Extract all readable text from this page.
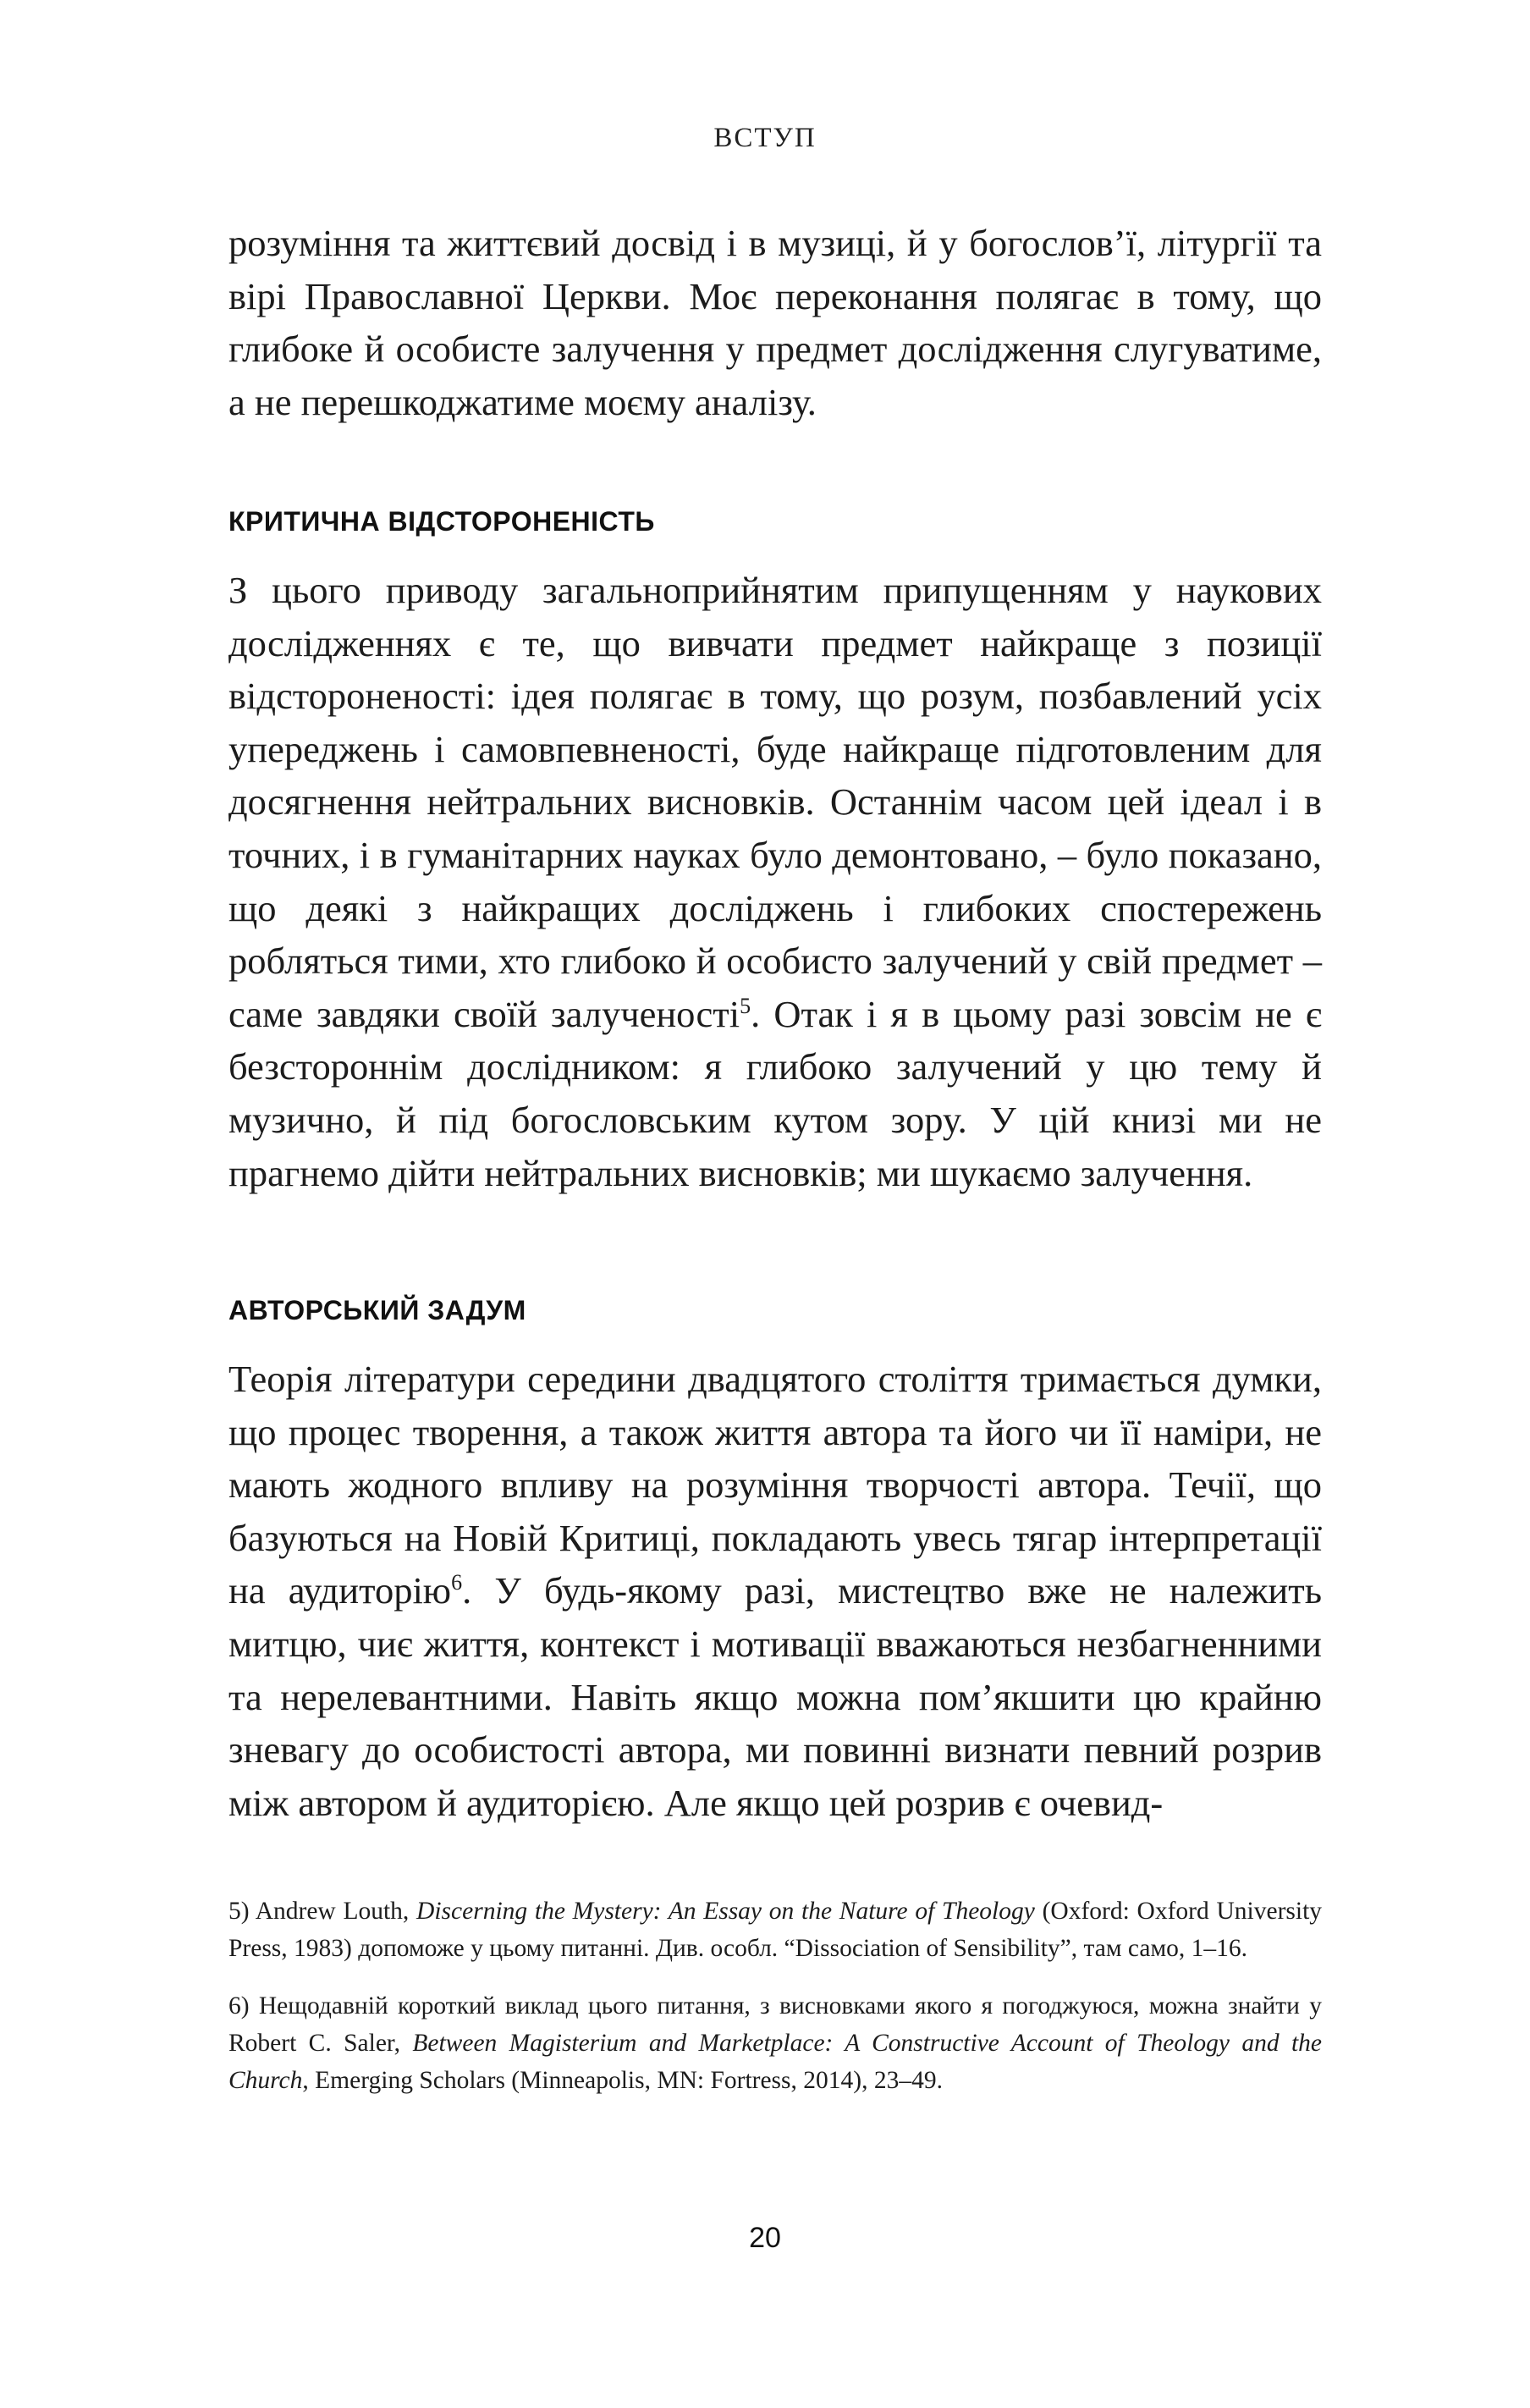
ВСТУП

розуміння та життєвий досвід і в музиці, й у богослов’ї, літургії та вірі Православної Церкви. Моє переконання полягає в тому, що глибоке й особисте залучення у предмет дослідження слугуватиме, а не перешкоджатиме моєму аналізу.

КРИТИЧНА ВІДСТОРОНЕНІСТЬ

З цього приводу загальноприйнятим припущенням у наукових дослідженнях є те, що вивчати предмет найкраще з позиції відстороненості: ідея полягає в тому, що розум, позбавлений усіх упереджень і самовпевненості, буде найкраще підготовленим для досягнення нейтральних висновків. Останнім часом цей ідеал і в точних, і в гуманітарних науках було демонтовано, – було показано, що деякі з найкращих досліджень і глибоких спостережень робляться тими, хто глибоко й особисто залучений у свій предмет – саме завдяки своїй залученості$^5$. Отак і я в цьому разі зовсім не є безстороннім дослідником: я глибоко залучений у цю тему й музично, й під богословським кутом зору. У цій книзі ми не прагнемо дійти нейтральних висновків; ми шукаємо залучення.

АВТОРСЬКИЙ ЗАДУМ

Теорія літератури середини двадцятого століття тримається думки, що процес творення, а також життя автора та його чи її наміри, не мають жодного впливу на розуміння творчості автора. Течії, що базуються на Новій Критиці, покладають увесь тягар інтерпретації на аудиторію$^6$. У будь-якому разі, мистецтво вже не належить митцю, чиє життя, контекст і мотивації вважаються незбагненними та нерелевантними. Навіть якщо можна пом’якшити цю крайню зневагу до особистості автора, ми повинні визнати певний розрив між автором й аудиторією. Але якщо цей розрив є очевид-

5) Andrew Louth, Discerning the Mystery: An Essay on the Nature of Theology (Oxford: Oxford University Press, 1983) допоможе у цьому питанні. Див. особл. “Dissociation of Sensibility”, там само, 1–16.

6) Нещодавній короткий виклад цього питання, з висновками якого я погоджуюся, можна знайти у Robert C. Saler, Between Magisterium and Marketplace: A Constructive Account of Theology and the Church, Emerging Scholars (Minneapolis, MN: Fortress, 2014), 23–49.

20
